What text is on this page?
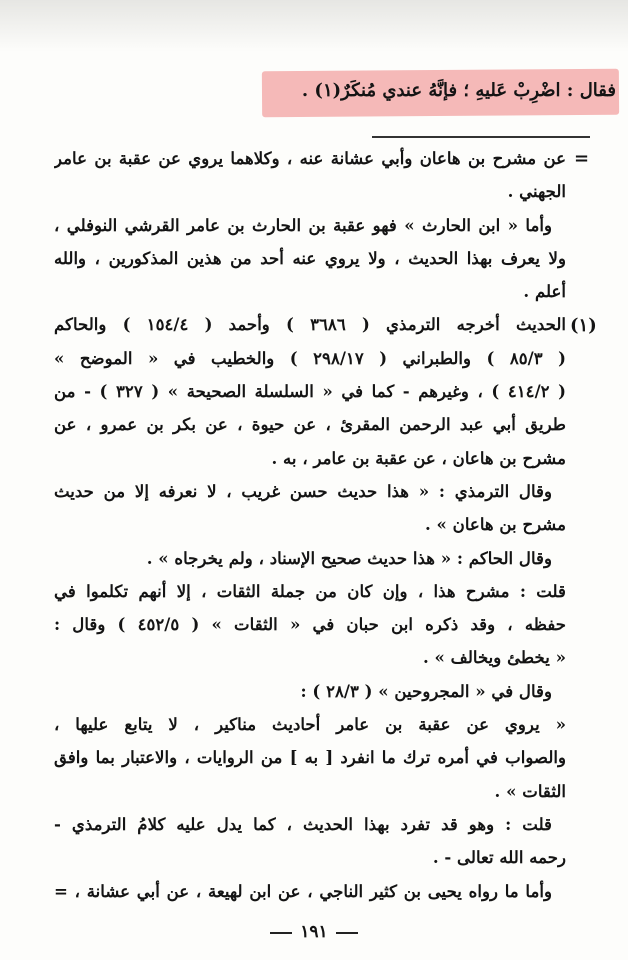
فقال : اضْرِبْ عَليهِ ؛ فإنَّهُ عندي مُنكَرٌ(١) .
=
(١)
عن مشرح بن هاعان وأبي عشانة عنه ، وكلاهما يروي عن عقبة بن عامر
الجهني .
وأما « ابن الحارث » فهو عقبة بن الحارث بن عامر القرشي النوفلي ،
ولا يعرف بهذا الحديث ، ولا يروي عنه أحد من هذين المذكورين ، والله
أعلم .
الحديث أخرجه الترمذي ( ٣٦٨٦ ) وأحمد ( ١٥٤/٤ ) والحاكم
( ٨٥/٣ ) والطبراني ( ٢٩٨/١٧ ) والخطيب في « الموضح »
( ٤١٤/٢ ) ، وغيرهم - كما في « السلسلة الصحيحة » ( ٣٢٧ ) - من
طريق أبي عبد الرحمن المقرئ ، عن حيوة ، عن بكر بن عمرو ، عن
مشرح بن هاعان ، عن عقبة بن عامر ، به .
وقال الترمذي : « هذا حديث حسن غريب ، لا نعرفه إلا من حديث
مشرح بن هاعان » .
وقال الحاكم : « هذا حديث صحيح الإسناد ، ولم يخرجاه » .
قلت : مشرح هذا ، وإن كان من جملة الثقات ، إلا أنهم تكلموا في
حفظه ، وقد ذكره ابن حبان في « الثقات » ( ٤٥٢/٥ ) وقال :
« يخطئ ويخالف » .
وقال في « المجروحين » ( ٢٨/٣ ) :
« يروي عن عقبة بن عامر أحاديث مناكير ، لا يتابع عليها ،
والصواب في أمره ترك ما انفرد [ به ] من الروايات ، والاعتبار بما وافق
الثقات » .
قلت : وهو قد تفرد بهذا الحديث ، كما يدل عليه كلامُ الترمذي -
رحمه الله تعالى - .
وأما ما رواه يحيى بن كثير الناجي ، عن ابن لهيعة ، عن أبي عشانة ، =
١٩١
